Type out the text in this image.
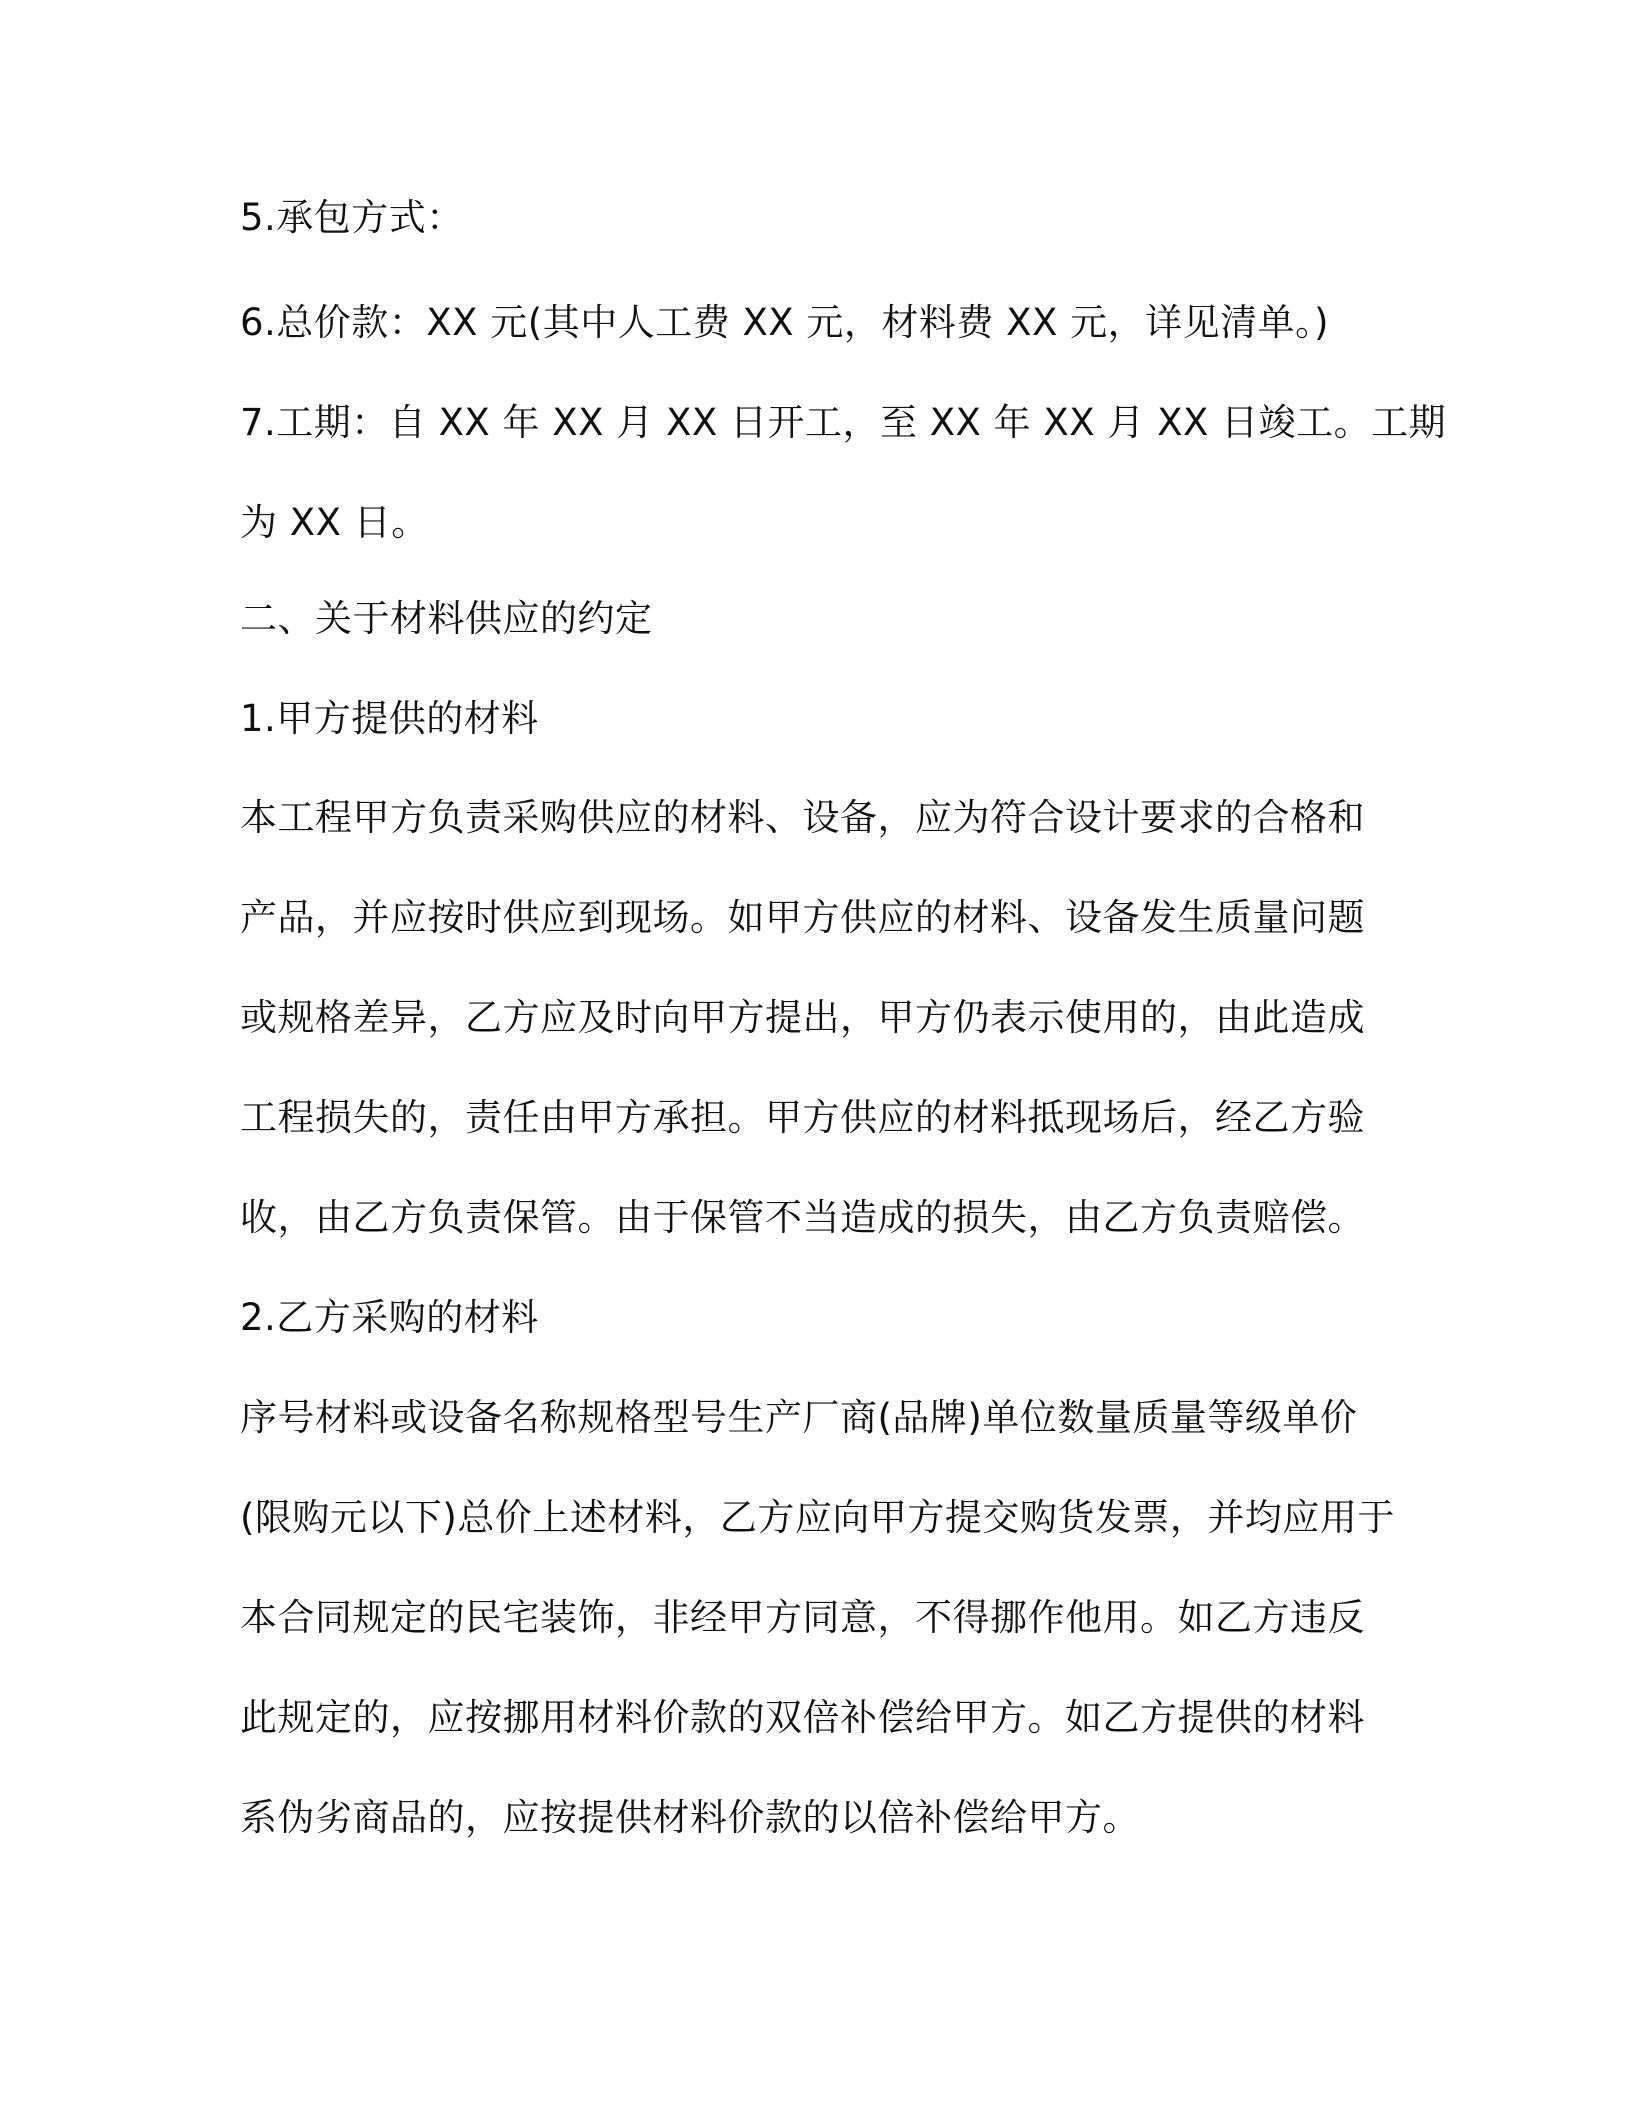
5.承包方式：
6.总价款：XX 元(其中人工费 XX 元，材料费 XX 元，详见清单。)
7.工期：自 XX 年 XX 月 XX 日开工，至 XX 年 XX 月 XX 日竣工。工期
为 XX 日。
二、关于材料供应的约定
1.甲方提供的材料
本工程甲方负责采购供应的材料、设备，应为符合设计要求的合格和
产品，并应按时供应到现场。如甲方供应的材料、设备发生质量问题
或规格差异，乙方应及时向甲方提出，甲方仍表示使用的，由此造成
工程损失的，责任由甲方承担。甲方供应的材料抵现场后，经乙方验
收，由乙方负责保管。由于保管不当造成的损失，由乙方负责赔偿。
2.乙方采购的材料
序号材料或设备名称规格型号生产厂商(品牌)单位数量质量等级单价
(限购元以下)总价上述材料，乙方应向甲方提交购货发票，并均应用于
本合同规定的民宅装饰，非经甲方同意，不得挪作他用。如乙方违反
此规定的，应按挪用材料价款的双倍补偿给甲方。如乙方提供的材料
系伪劣商品的，应按提供材料价款的以倍补偿给甲方。
